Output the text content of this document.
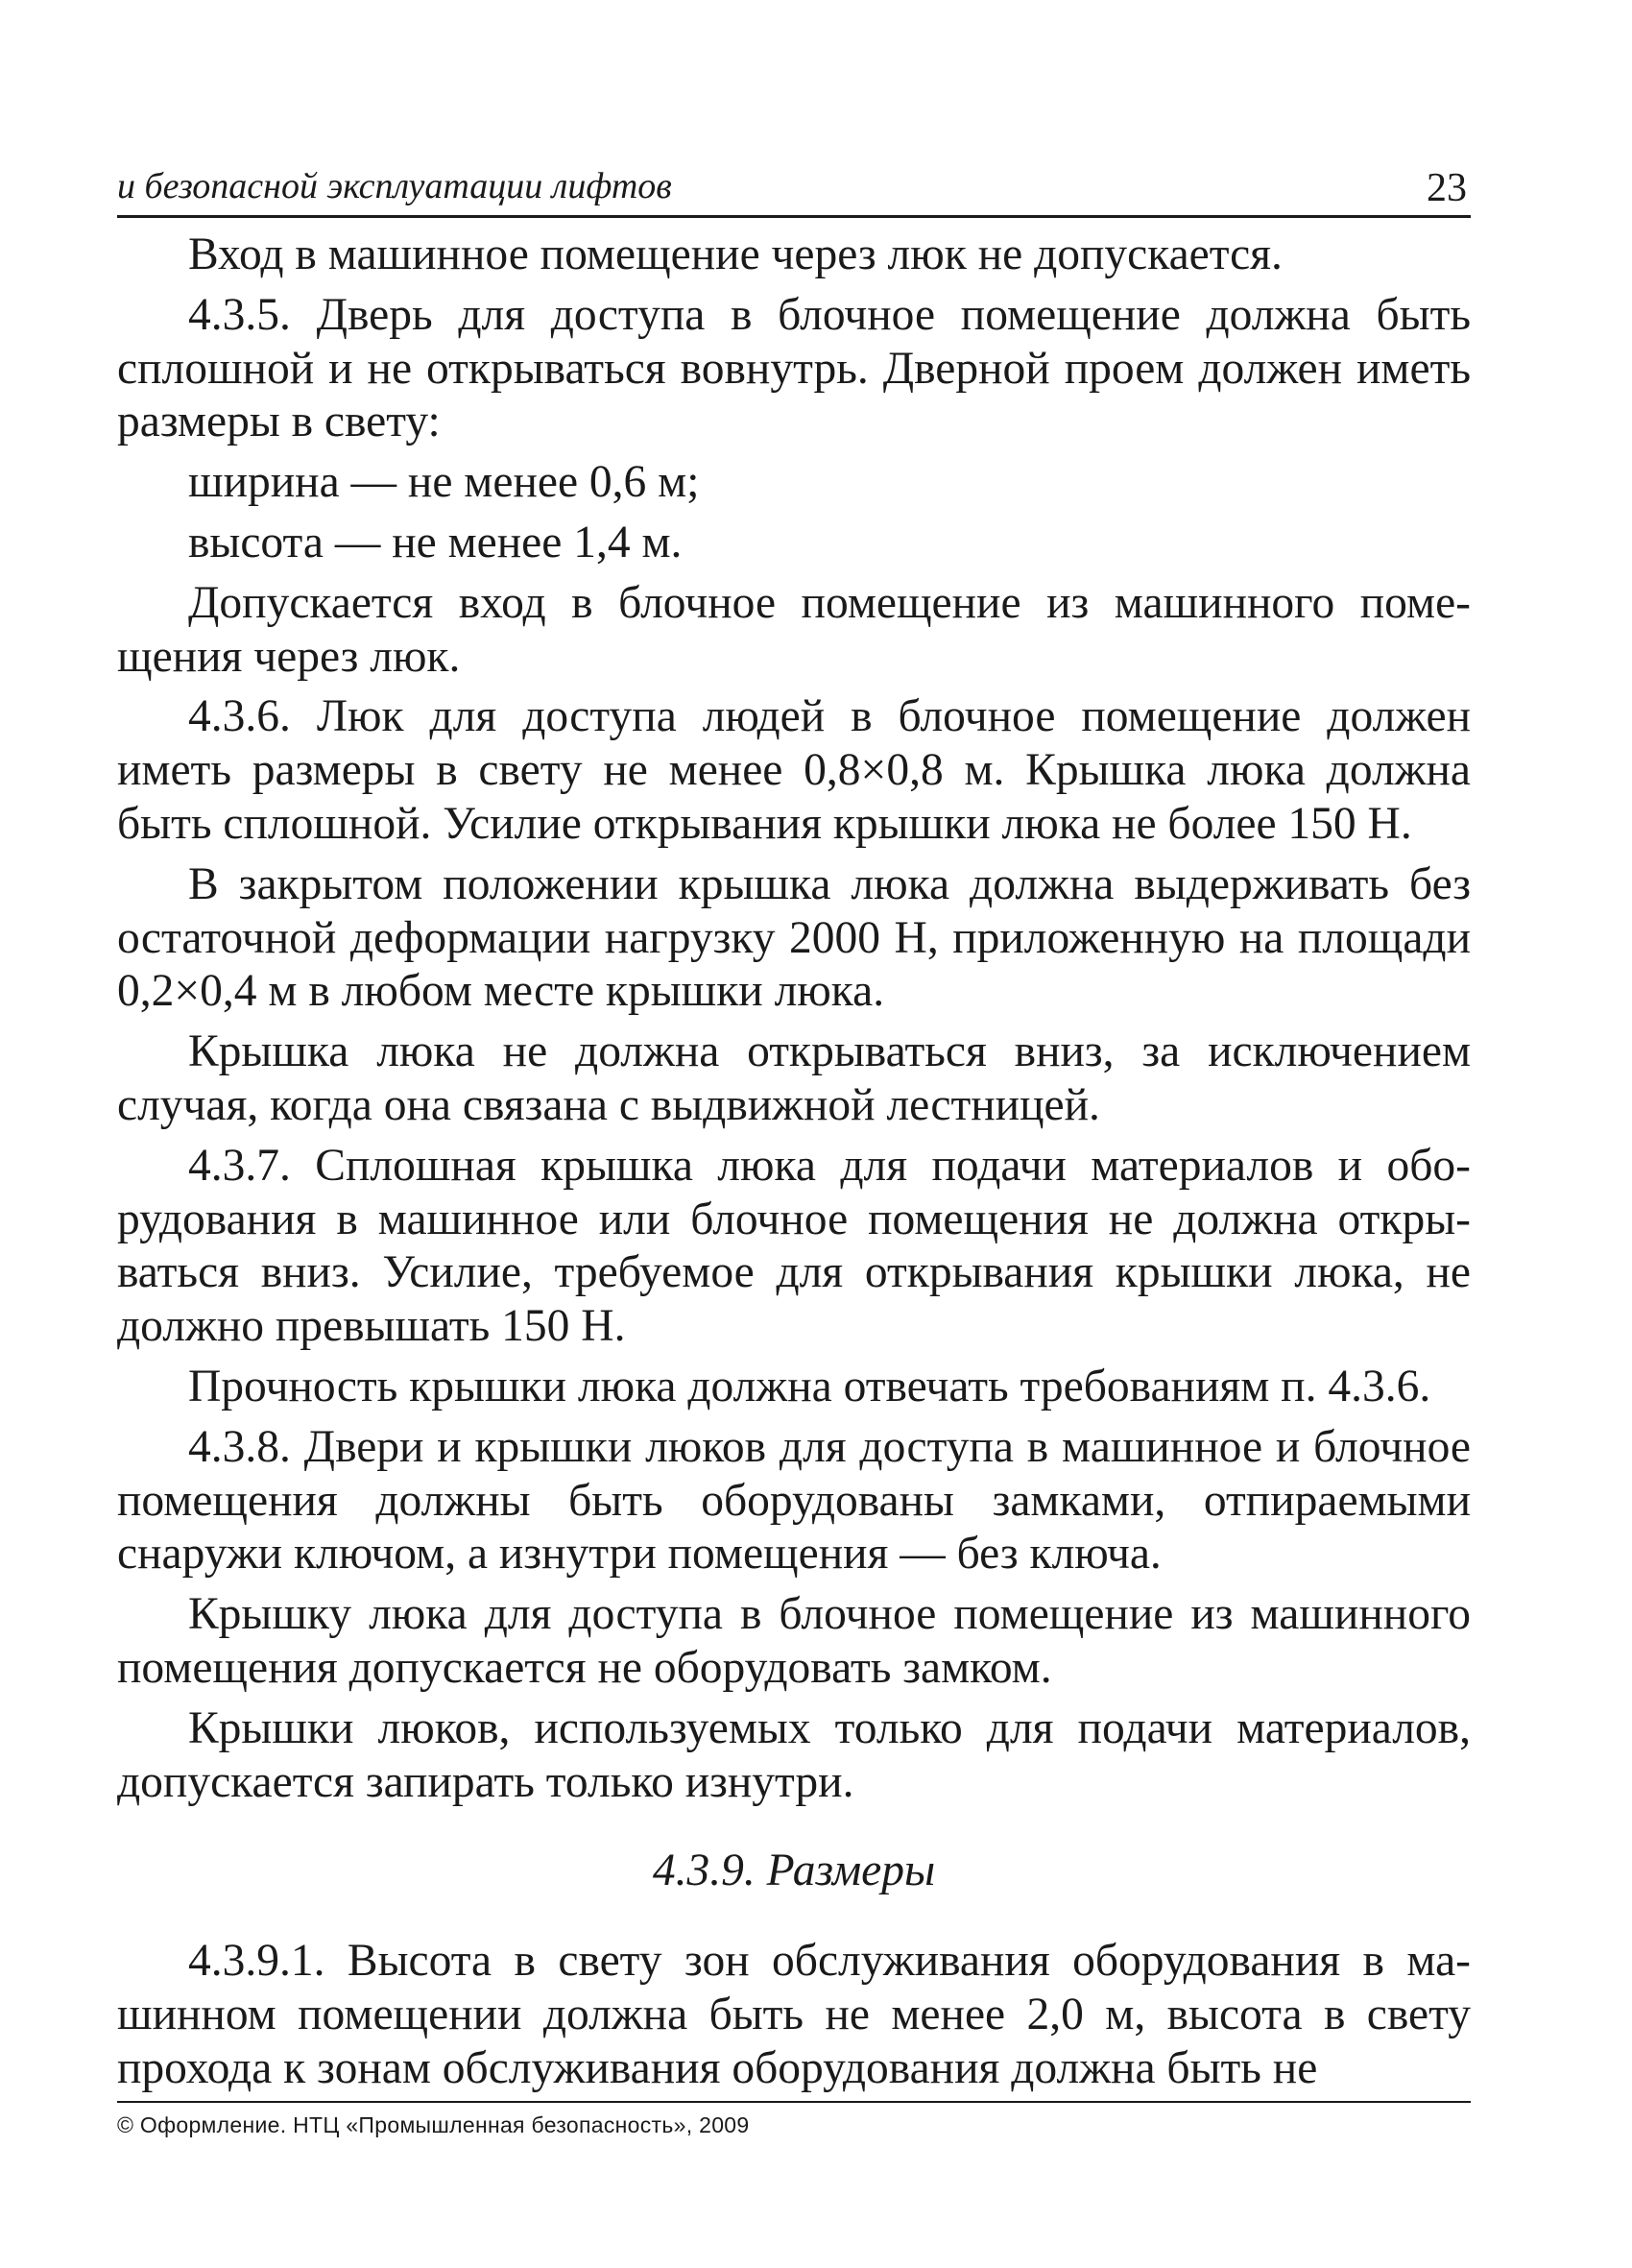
и безопасной эксплуатации лифтов	23

Вход в машинное помещение через люк не допускается.

4.3.5. Дверь для доступа в блочное помещение должна быть сплошной и не открываться вовнутрь. Дверной проем должен иметь размеры в свету:

ширина — не менее 0,6 м;

высота — не менее 1,4 м.

Допускается вход в блочное помещение из машинного помещения через люк.

4.3.6. Люк для доступа людей в блочное помещение должен иметь размеры в свету не менее 0,8×0,8 м. Крышка люка должна быть сплошной. Усилие открывания крышки люка не более 150 Н.

В закрытом положении крышка люка должна выдерживать без остаточной деформации нагрузку 2000 Н, приложенную на площади 0,2×0,4 м в любом месте крышки люка.

Крышка люка не должна открываться вниз, за исключением случая, когда она связана с выдвижной лестницей.

4.3.7. Сплошная крышка люка для подачи материалов и оборудования в машинное или блочное помещения не должна открываться вниз. Усилие, требуемое для открывания крышки люка, не должно превышать 150 Н.

Прочность крышки люка должна отвечать требованиям п. 4.3.6.

4.3.8. Двери и крышки люков для доступа в машинное и блочное помещения должны быть оборудованы замками, отпираемыми снаружи ключом, а изнутри помещения — без ключа.

Крышку люка для доступа в блочное помещение из машинного помещения допускается не оборудовать замком.

Крышки люков, используемых только для подачи материалов, допускается запирать только изнутри.

4.3.9. Размеры

4.3.9.1. Высота в свету зон обслуживания оборудования в машинном помещении должна быть не менее 2,0 м, высота в свету прохода к зонам обслуживания оборудования должна быть не

© Оформление. НТЦ «Промышленная безопасность», 2009
